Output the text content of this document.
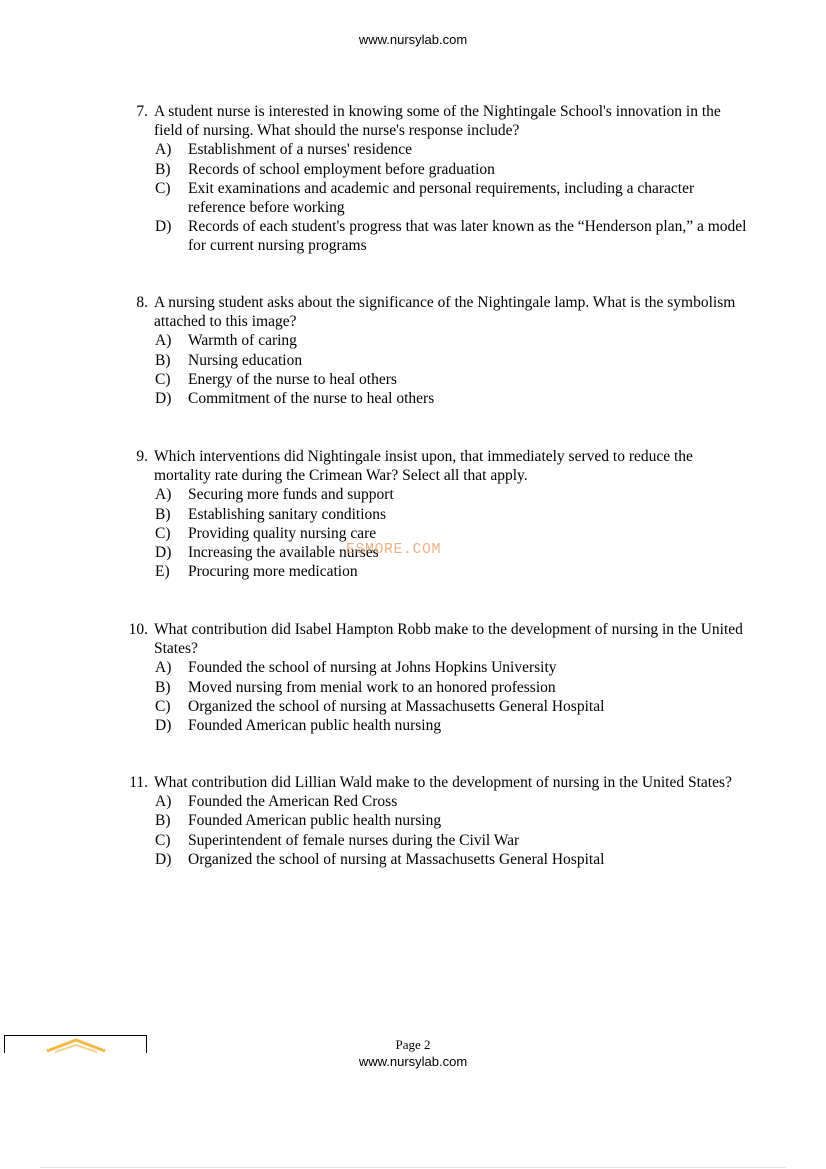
www.nursylab.com
7. A student nurse is interested in knowing some of the Nightingale School's innovation in the field of nursing. What should the nurse's response include?
A) Establishment of a nurses' residence
B) Records of school employment before graduation
C) Exit examinations and academic and personal requirements, including a character reference before working
D) Records of each student's progress that was later known as the “Henderson plan,” a model for current nursing programs
8. A nursing student asks about the significance of the Nightingale lamp. What is the symbolism attached to this image?
A) Warmth of caring
B) Nursing education
C) Energy of the nurse to heal others
D) Commitment of the nurse to heal others
9. Which interventions did Nightingale insist upon, that immediately served to reduce the mortality rate during the Crimean War? Select all that apply.
A) Securing more funds and support
B) Establishing sanitary conditions
C) Providing quality nursing care
D) Increasing the available nurses
E) Procuring more medication
10. What contribution did Isabel Hampton Robb make to the development of nursing in the United States?
A) Founded the school of nursing at Johns Hopkins University
B) Moved nursing from menial work to an honored profession
C) Organized the school of nursing at Massachusetts General Hospital
D) Founded American public health nursing
11. What contribution did Lillian Wald make to the development of nursing in the United States?
A) Founded the American Red Cross
B) Founded American public health nursing
C) Superintendent of female nurses during the Civil War
D) Organized the school of nursing at Massachusetts General Hospital
ESMORE.COM
Page 2
www.nursylab.com
